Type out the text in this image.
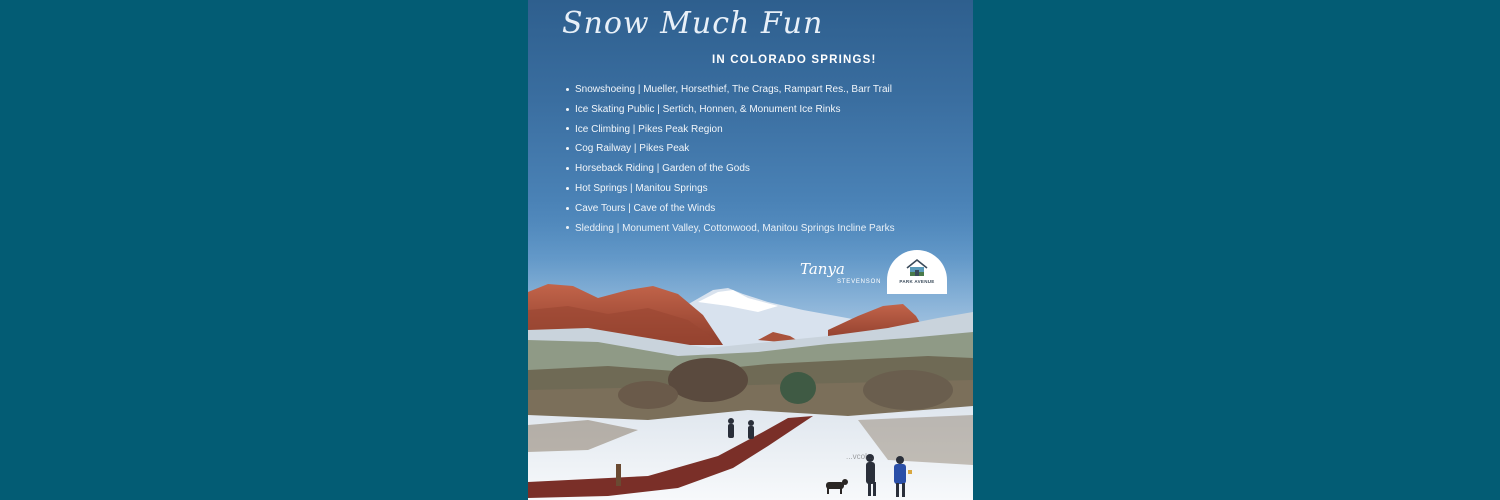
Snow Much Fun
IN COLORADO SPRINGS!
Snowshoeing | Mueller, Horsethief, The Crags, Rampart Res., Barr Trail
Ice Skating Public | Sertich, Honnen, & Monument Ice Rinks
Ice Climbing | Pikes Peak Region
Cog Railway | Pikes Peak
Horseback Riding | Garden of the Gods
Hot Springs | Manitou Springs
Cave Tours | Cave of the Winds
Tanya
STEVENSON	PARK AVENUE
...vcol...
